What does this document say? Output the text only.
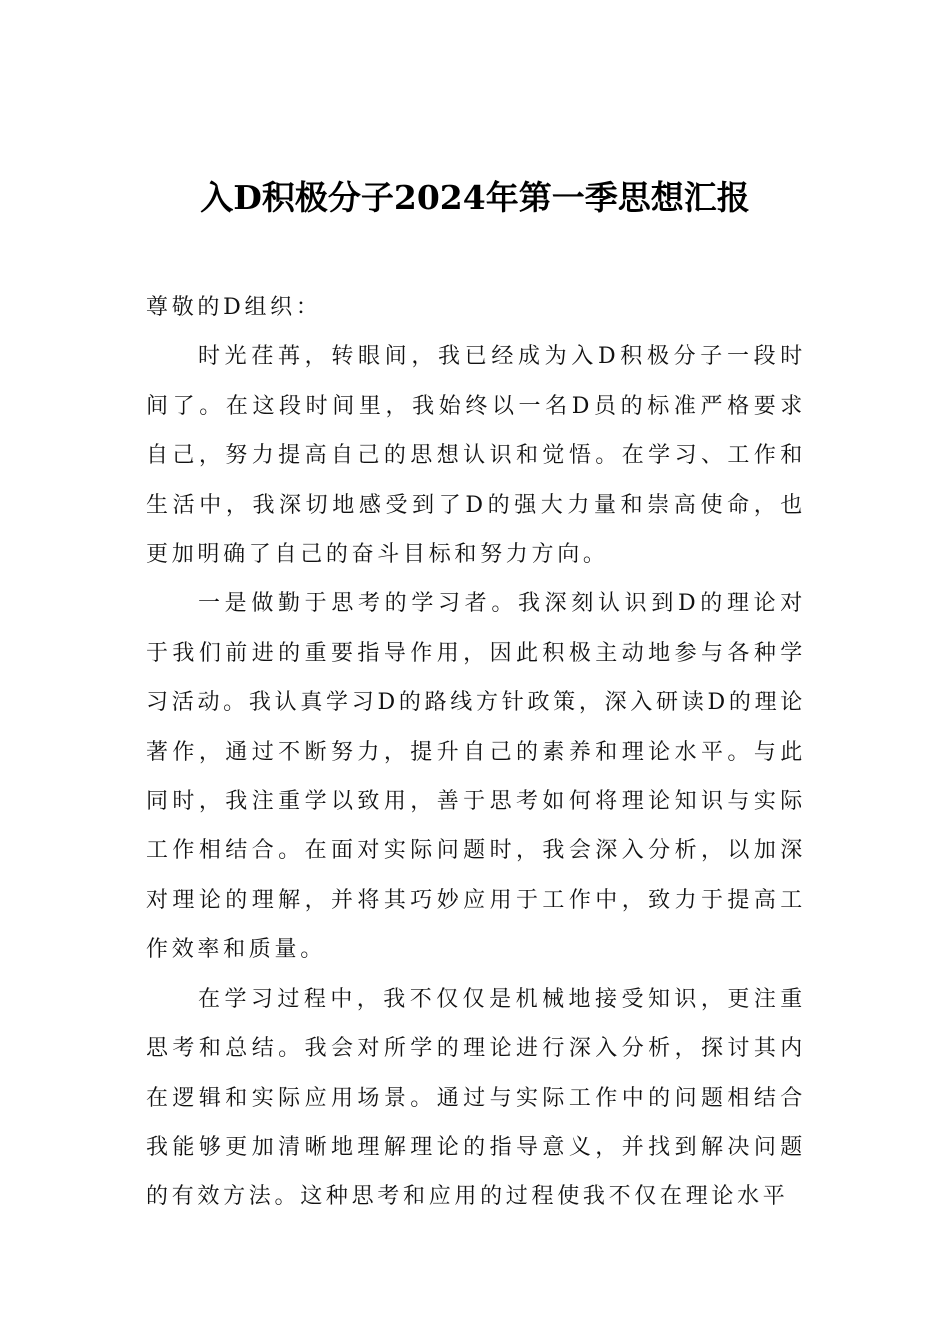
入D积极分子2024年第一季思想汇报

尊敬的D组织：

时光荏苒，转眼间，我已经成为入D积极分子一段时间了。在这段时间里，我始终以一名D员的标准严格要求自己，努力提高自己的思想认识和觉悟。在学习、工作和生活中，我深切地感受到了D的强大力量和崇高使命，也更加明确了自己的奋斗目标和努力方向。

一是做勤于思考的学习者。我深刻认识到D的理论对于我们前进的重要指导作用，因此积极主动地参与各种学习活动。我认真学习D的路线方针政策，深入研读D的理论著作，通过不断努力，提升自己的素养和理论水平。与此同时，我注重学以致用，善于思考如何将理论知识与实际工作相结合。在面对实际问题时，我会深入分析，以加深对理论的理解，并将其巧妙应用于工作中，致力于提高工作效率和质量。

在学习过程中，我不仅仅是机械地接受知识，更注重思考和总结。我会对所学的理论进行深入分析，探讨其内在逻辑和实际应用场景。通过与实际工作中的问题相结合我能够更加清晰地理解理论的指导意义，并找到解决问题的有效方法。这种思考和应用的过程使我不仅在理论水平
